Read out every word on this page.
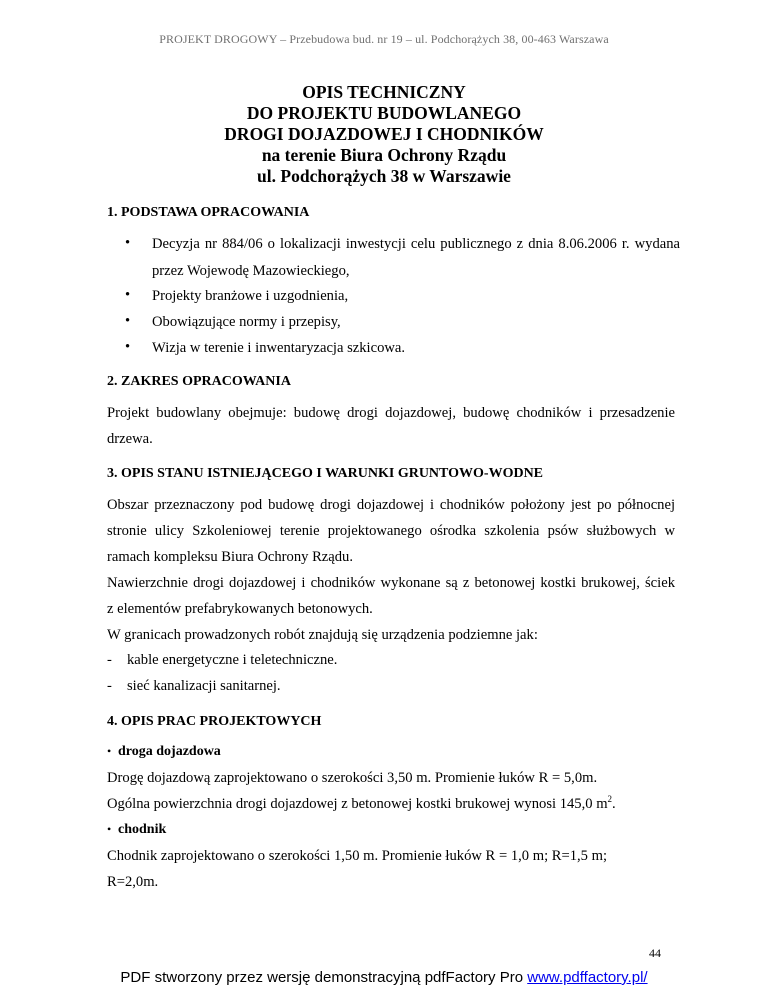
PROJEKT DROGOWY – Przebudowa bud. nr 19 – ul. Podchorążych 38, 00-463 Warszawa
OPIS TECHNICZNY
DO PROJEKTU BUDOWLANEGO
DROGI DOJAZDOWEJ I CHODNIKÓW
na terenie Biura Ochrony Rządu
ul. Podchorążych 38 w Warszawie
1. PODSTAWA OPRACOWANIA
• Decyzja nr 884/06 o lokalizacji inwestycji celu publicznego z dnia 8.06.2006 r. wydana
przez Wojewodę Mazowieckiego,
• Projekty branżowe i uzgodnienia,
• Obowiązujące normy i przepisy,
• Wizja w terenie i inwentaryzacja szkicowa.
2. ZAKRES OPRACOWANIA
Projekt budowlany obejmuje: budowę drogi dojazdowej, budowę chodników i przesadzenie
drzewa.
3. OPIS STANU ISTNIEJĄCEGO I WARUNKI GRUNTOWO-WODNE
Obszar przeznaczony pod budowę drogi dojazdowej i chodników położony jest po północnej
stronie ulicy Szkoleniowej terenie projektowanego ośrodka szkolenia psów służbowych w
ramach kompleksu Biura Ochrony Rządu.
Nawierzchnie drogi dojazdowej i chodników wykonane są z betonowej kostki brukowej, ściek
z elementów prefabrykowanych betonowych.
W granicach prowadzonych robót znajdują się urządzenia podziemne jak:
- kable energetyczne i teletechniczne.
- sieć kanalizacji sanitarnej.
4. OPIS PRAC PROJEKTOWYCH
• droga dojazdowa
Drogę dojazdową zaprojektowano o szerokości 3,50 m. Promienie łuków R = 5,0m.
Ogólna powierzchnia drogi dojazdowej z betonowej kostki brukowej wynosi 145,0 $m^2$.
• chodnik
Chodnik zaprojektowano o szerokości 1,50 m. Promienie łuków R = 1,0 m; R=1,5 m;
R=2,0m.
44
PDF stworzony przez wersję demonstracyjną pdfFactory Pro www.pdffactory.pl/
